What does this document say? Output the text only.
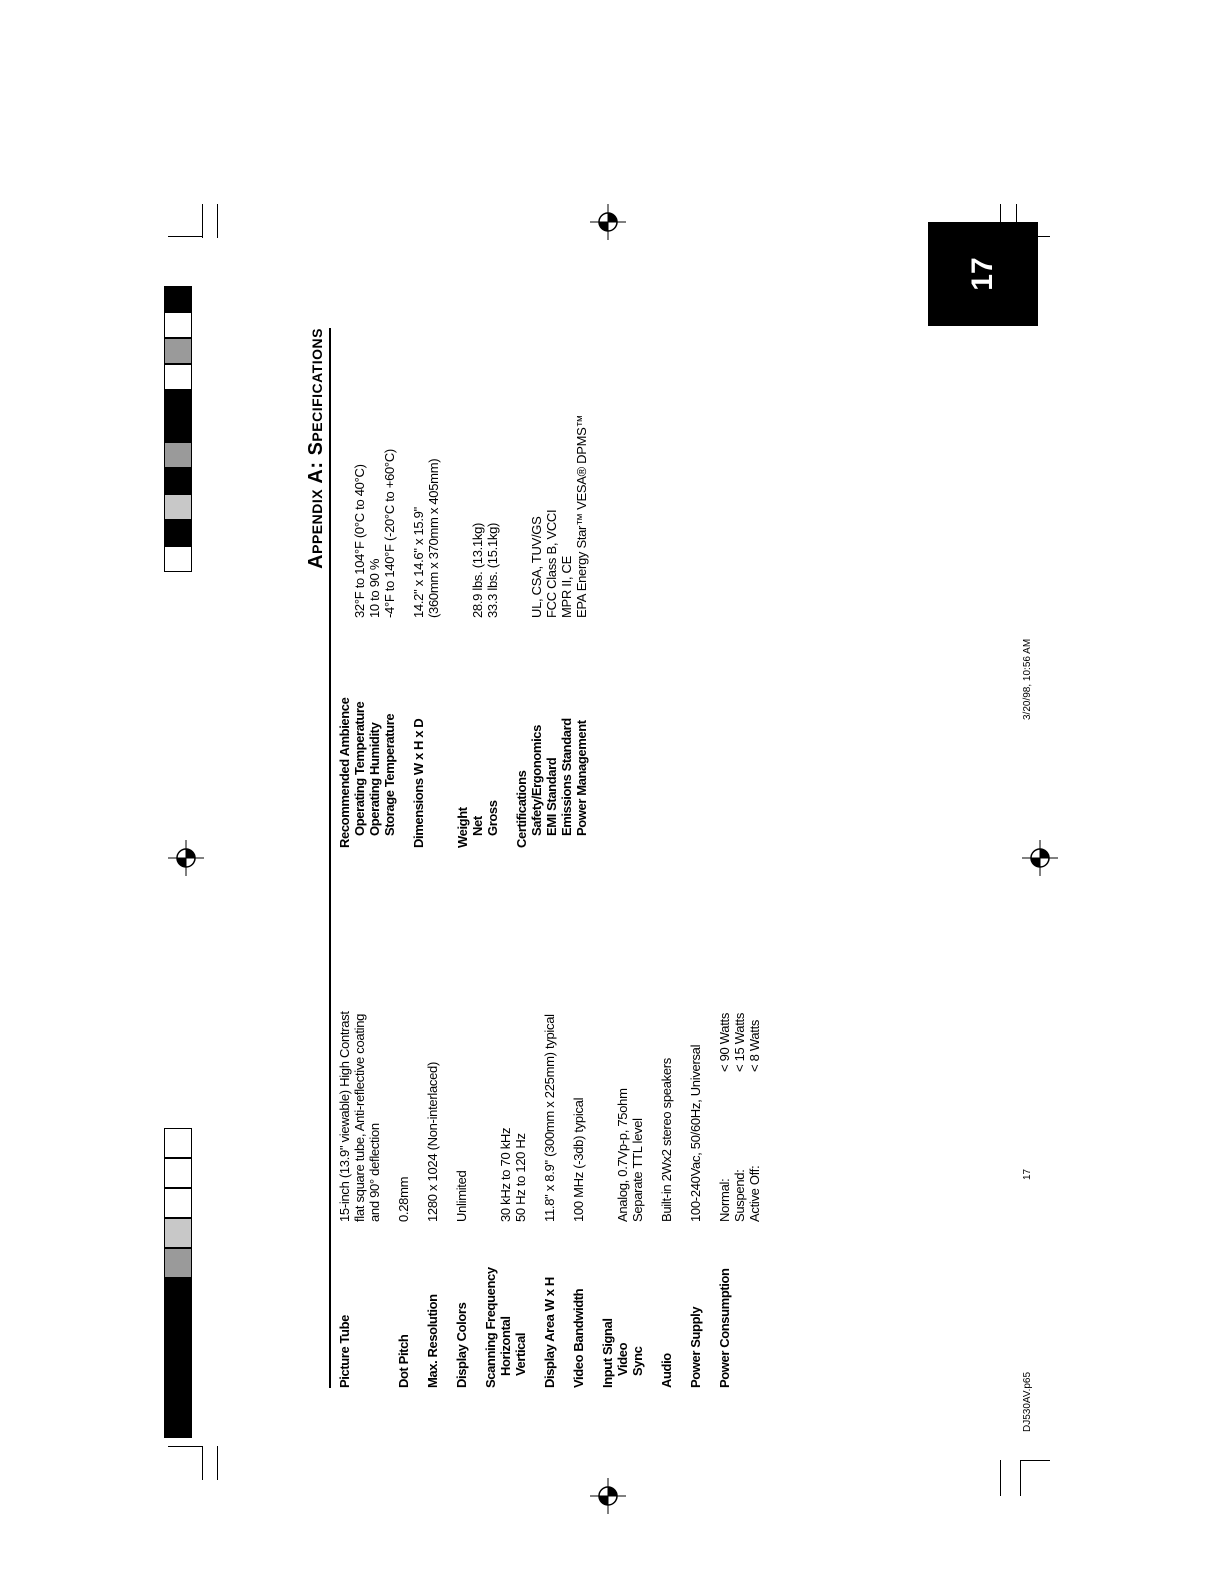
DJ530AV.p65
17
3/20/98, 10:56 AM
17
APPENDIX A: SPECIFICATIONS
Picture Tube
15-inch (13.9" viewable) High Contrast flat square tube, Anti-reflective coating and 90° deflection
Dot Pitch
0.28mm
Max. Resolution
1280 x 1024 (Non-interlaced)
Display Colors
Unlimited
Scanning Frequency Horizontal Vertical
30 kHz to 70 kHz 50 Hz to 120 Hz
Display Area W x H
11.8" x 8.9" (300mm x 225mm) typical
Video Bandwidth
100 MHz (-3db) typical
Input Signal Video Sync
Analog, 0.7Vp-p, 75ohm Separate TTL level
Audio
Built-in 2Wx2 stereo speakers
Power Supply
100-240Vac, 50/60Hz, Universal
Power Consumption
Normal:
< 90 Watts
Suspend:
< 15 Watts
Active Off:
< 8 Watts
Recommended Ambience Operating Temperature Operating Humidity Storage Temperature
32°F to 104°F (0°C to 40°C) 10 to 90 % -4°F to 140°F (-20°C to +60°C)
Dimensions W x H x D
14.2" x 14.6" x 15.9" (360mm x 370mm x 405mm)
Weight Net Gross
28.9 lbs. (13.1kg) 33.3 lbs. (15.1kg)
Certifications Safety/Ergonomics EMI Standard Emissions Standard Power Management
UL, CSA, TUV/GS FCC Class B, VCCI MPR II, CE EPA Energy Star™ VESA® DPMS™
